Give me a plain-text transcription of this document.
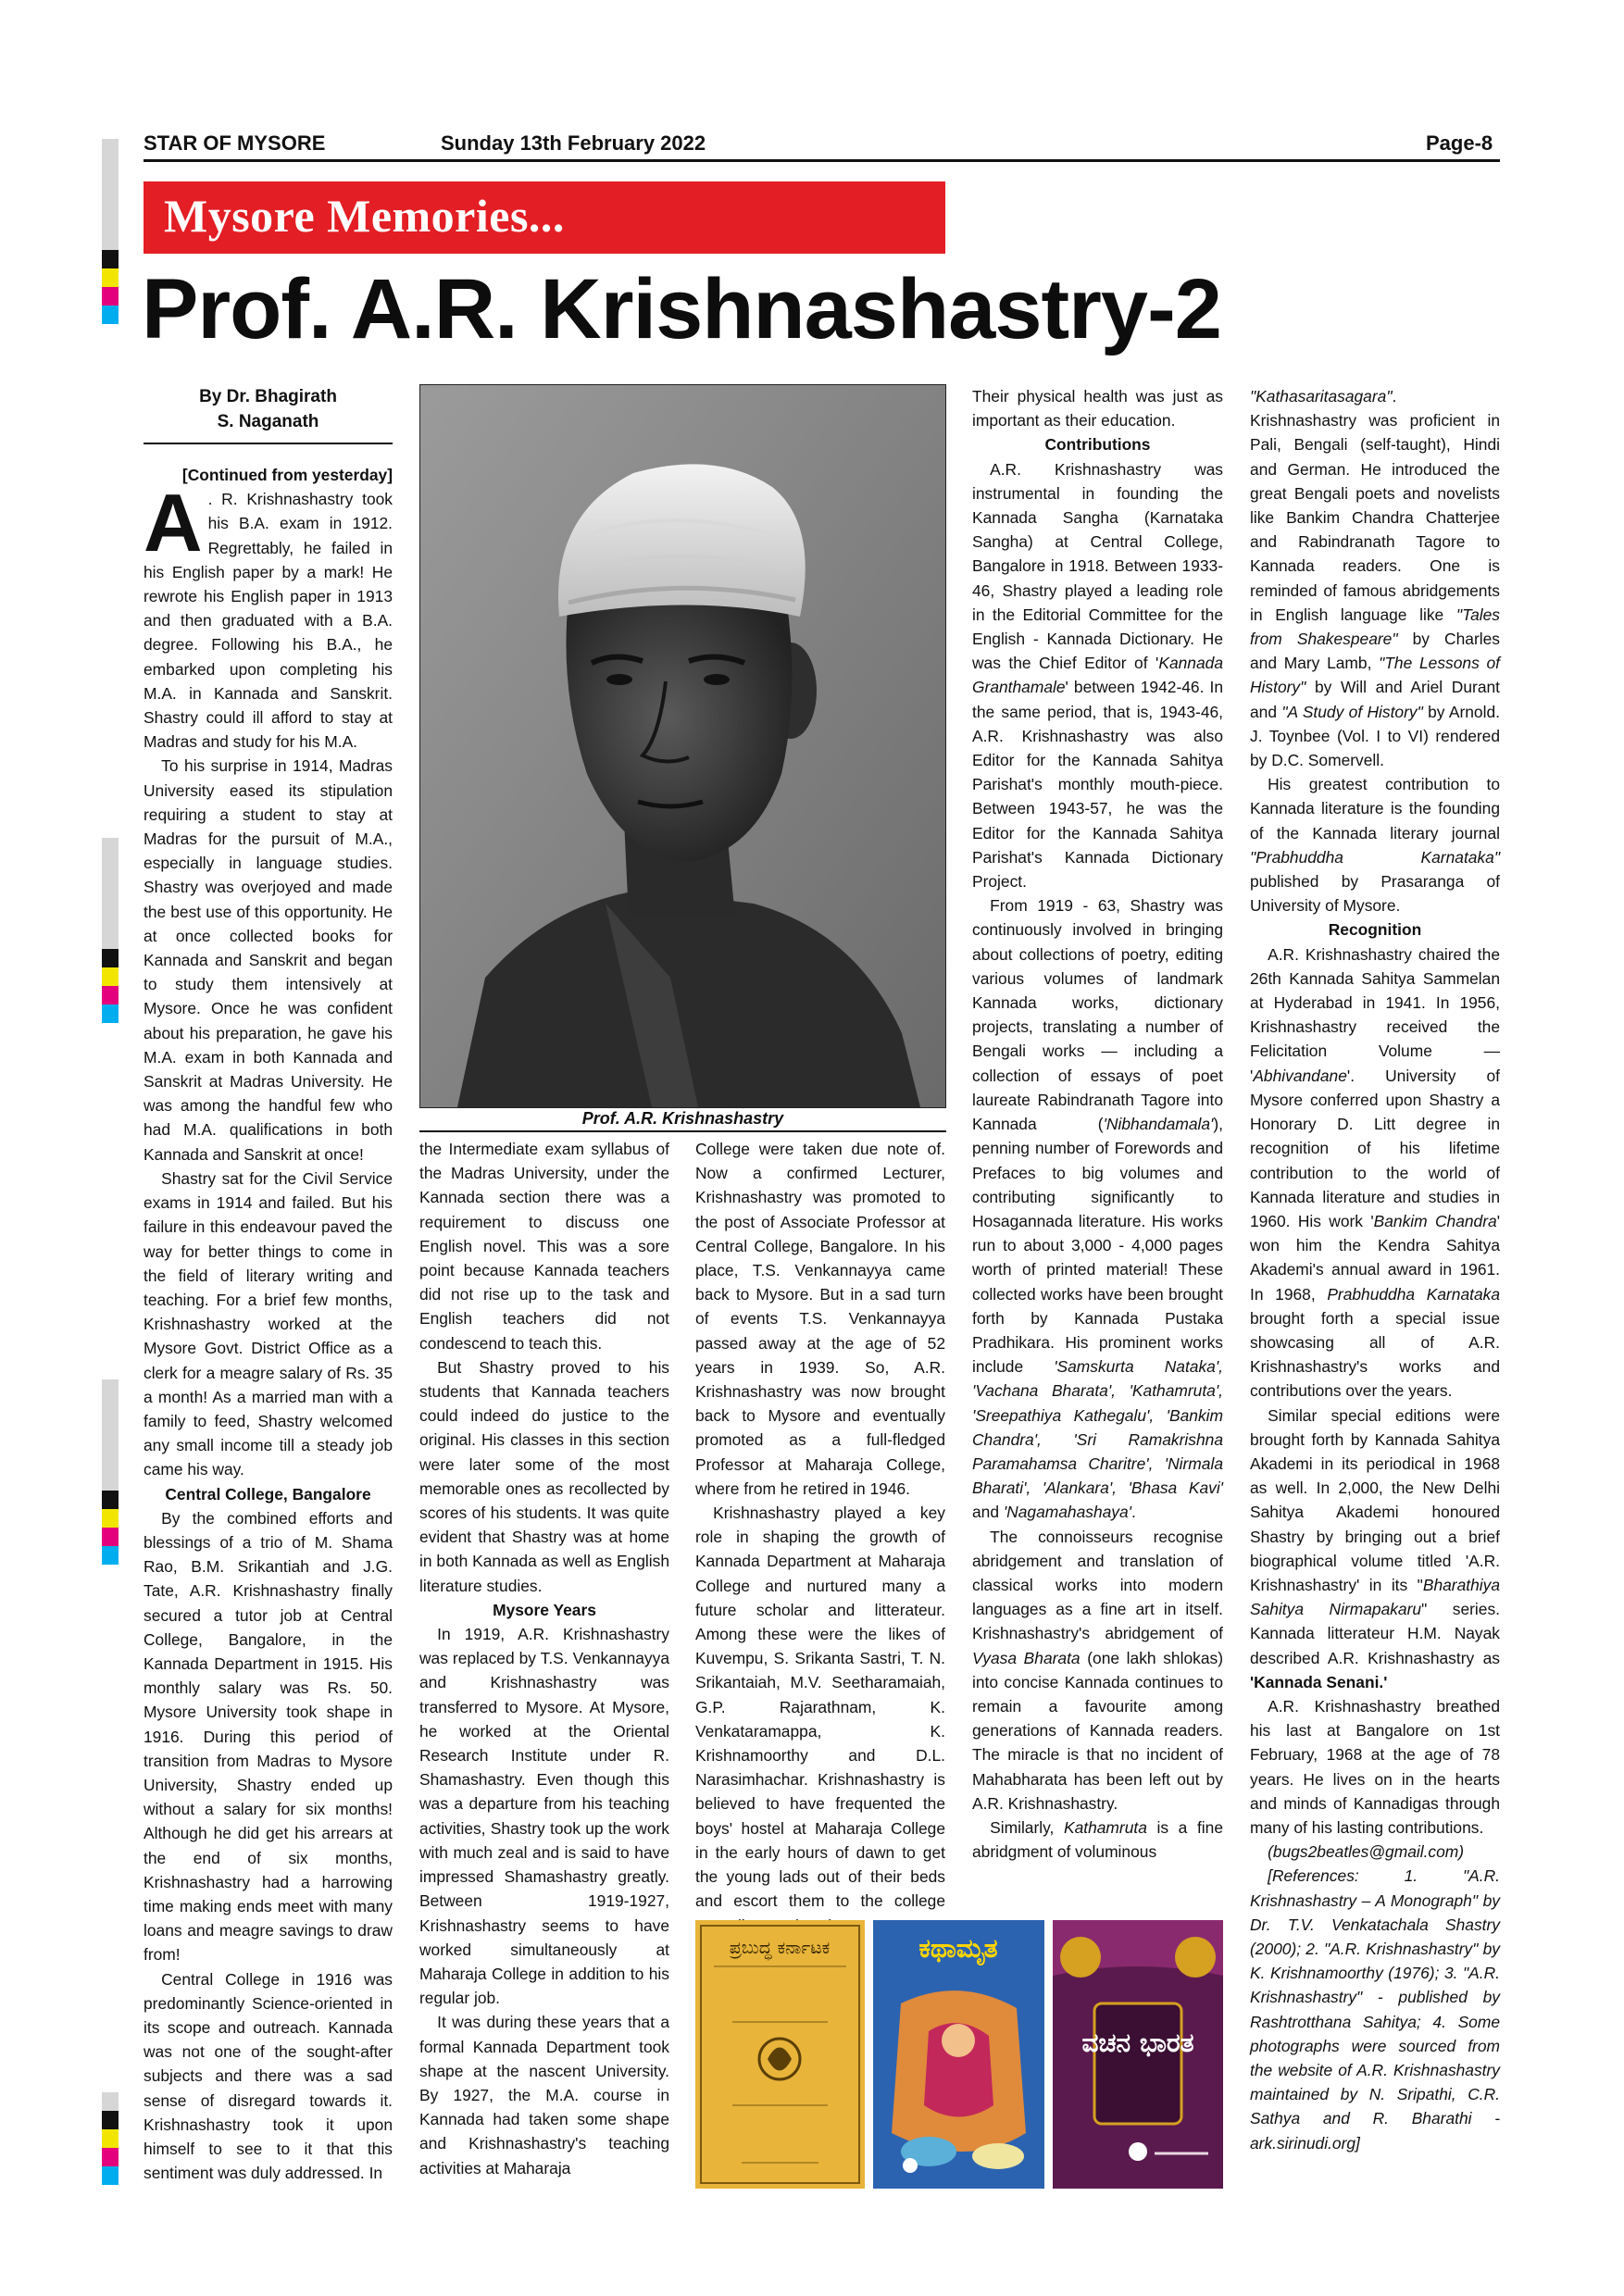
STAR OF MYSORE	Sunday 13th February 2022	Page-8
Mysore Memories...
Prof. A.R. Krishnashastry-2
By Dr. Bhagirath
S. Naganath

[Continued from yesterday]

A . R. Krishnashastry took his B.A. exam in 1912. Regrettably, he failed in his English paper by a mark! He rewrote his English paper in 1913 and then graduated with a B.A. degree. Following his B.A., he embarked upon completing his M.A. in Kannada and Sanskrit. Shastry could ill afford to stay at Madras and study for his M.A.

To his surprise in 1914, Madras University eased its stipulation requiring a student to stay at Madras for the pursuit of M.A., especially in language studies. Shastry was overjoyed and made the best use of this opportunity. He at once collected books for Kannada and Sanskrit and began to study them intensively at Mysore. Once he was confident about his preparation, he gave his M.A. exam in both Kannada and Sanskrit at Madras University. He was among the handful few who had M.A. qualifications in both Kannada and Sanskrit at once!

Shastry sat for the Civil Service exams in 1914 and failed. But his failure in this endeavour paved the way for better things to come in the field of literary writing and teaching. For a brief few months, Krishnashastry worked at the Mysore Govt. District Office as a clerk for a meagre salary of Rs. 35 a month! As a married man with a family to feed, Shastry welcomed any small income till a steady job came his way.

Central College, Bangalore

By the combined efforts and blessings of a trio of M. Shama Rao, B.M. Srikantiah and J.G. Tate, A.R. Krishnashastry finally secured a tutor job at Central College, Bangalore, in the Kannada Department in 1915. His monthly salary was Rs. 50. Mysore University took shape in 1916. During this period of transition from Madras to Mysore University, Shastry ended up without a salary for six months! Although he did get his arrears at the end of six months, Krishnashastry had a harrowing time making ends meet with many loans and meagre savings to draw from!

Central College in 1916 was predominantly Science-oriented in its scope and outreach. Kannada was not one of the sought-after subjects and there was a sad sense of disregard towards it. Krishnashastry took it upon himself to see to it that this sentiment was duly addressed. In

Prof. A.R. Krishnashastry

the Intermediate exam syllabus of the Madras University, under the Kannada section there was a requirement to discuss one English novel. This was a sore point because Kannada teachers did not rise up to the task and English teachers did not condescend to teach this.

But Shastry proved to his students that Kannada teachers could indeed do justice to the original. His classes in this section were later some of the most memorable ones as recollected by scores of his students. It was quite evident that Shastry was at home in both Kannada as well as English literature studies.

Mysore Years

In 1919, A.R. Krishnashastry was replaced by T.S. Venkannayya and Krishnashastry was transferred to Mysore. At Mysore, he worked at the Oriental Research Institute under R. Shamashastry. Even though this was a departure from his teaching activities, Shastry took up the work with much zeal and is said to have impressed Shamashastry greatly. Between 1919-1927, Krishnashastry seems to have worked simultaneously at Maharaja College in addition to his regular job.

It was during these years that a formal Kannada Department took shape at the nascent University. By 1927, the M.A. course in Kannada had taken some shape and Krishnashastry's teaching activities at Maharaja

College were taken due note of. Now a confirmed Lecturer, Krishnashastry was promoted to the post of Associate Professor at Central College, Bangalore. In his place, T.S. Venkannayya came back to Mysore. But in a sad turn of events T.S. Venkannayya passed away at the age of 52 years in 1939. So, A.R. Krishnashastry was now brought back to Mysore and eventually promoted as a full-fledged Professor at Maharaja College, where from he retired in 1946.

Krishnashastry played a key role in shaping the growth of Kannada Department at Maharaja College and nurtured many a future scholar and litterateur. Among these were the likes of Kuvempu, S. Srikanta Sastri, T. N. Srikantaiah, M.V. Seetharamaiah, G.P. Rajarathnam, K. Venkataramappa, K. Krishnamoorthy and D.L. Narasimhachar. Krishnashastry is believed to have frequented the boys' hostel at Maharaja College in the early hours of dawn to get the young lads out of their beds and escort them to the college

ಪ್ರಬುದ್ಧ ಕರ್ನಾಟಕ	ಕಥಾಮೃತ
ವಚನ ಭಾರತ

Their physical health was just as important as their education.

Contributions

A.R. Krishnashastry was instrumental in founding the Kannada Sangha (Karnataka Sangha) at Central College, Bangalore in 1918. Between 1933-46, Shastry played a leading role in the Editorial Committee for the English - Kannada Dictionary. He was the Chief Editor of 'Kannada Granthamale' between 1942-46. In the same period, that is, 1943-46, A.R. Krishnashastry was also Editor for the Kannada Sahitya Parishat's monthly mouth-piece. Between 1943-57, he was the Editor for the Kannada Sahitya Parishat's Kannada Dictionary Project.

From 1919 - 63, Shastry was continuously involved in bringing about collections of poetry, editing various volumes of landmark Kannada works, dictionary projects, translating a number of Bengali works — including a collection of essays of poet laureate Rabindranath Tagore into Kannada ('Nibhandamala'), penning number of Forewords and Prefaces to big volumes and contributing significantly to Hosagannada literature. His works run to about 3,000 - 4,000 pages worth of printed material! These collected works have been brought forth by Kannada Pustaka Pradhikara. His prominent works include 'Samskurta Nataka', 'Vachana Bharata', 'Kathamruta', 'Sreepathiya Kathegalu', 'Bankim Chandra', 'Sri Ramakrishna Paramahamsa Charitre', 'Nirmala Bharati', 'Alankara', 'Bhasa Kavi' and 'Nagamahashaya'.

The connoisseurs recognise abridgement and translation of classical works into modern languages as a fine art in itself. Krishnashastry's abridgement of Vyasa Bharata (one lakh shlokas) into concise Kannada continues to remain a favourite among generations of Kannada readers. The miracle is that no incident of Mahabharata has been left out by A.R. Krishnashastry.

Similarly, Kathamruta is a fine abridgment of voluminous

"Kathasaritasagara". Krishnashastry was proficient in Pali, Bengali (self-taught), Hindi and German. He introduced the great Bengali poets and novelists like Bankim Chandra Chatterjee and Rabindranath Tagore to Kannada readers. One is reminded of famous abridgements in English language like "Tales from Shakespeare" by Charles and Mary Lamb, "The Lessons of History" by Will and Ariel Durant and "A Study of History" by Arnold. J. Toynbee (Vol. I to VI) rendered by D.C. Somervell.

His greatest contribution to Kannada literature is the founding of the Kannada literary journal "Prabhuddha Karnataka" published by Prasaranga of University of Mysore.

Recognition

A.R. Krishnashastry chaired the 26th Kannada Sahitya Sammelan at Hyderabad in 1941. In 1956, Krishnashastry received the Felicitation Volume — 'Abhivandane'. University of Mysore conferred upon Shastry a Honorary D. Litt degree in recognition of his lifetime contribution to the world of Kannada literature and studies in 1960. His work 'Bankim Chandra' won him the Kendra Sahitya Akademi's annual award in 1961. In 1968, Prabhuddha Karnataka brought forth a special issue showcasing all of A.R. Krishnashastry's works and contributions over the years.

Similar special editions were brought forth by Kannada Sahitya Akademi in its periodical in 1968 as well. In 2,000, the New Delhi Sahitya Akademi honoured Shastry by bringing out a brief biographical volume titled 'A.R. Krishnashastry' in its "Bharathiya Sahitya Nirmapakaru" series. Kannada litterateur H.M. Nayak described A.R. Krishnashastry as 'Kannada Senani.'

A.R. Krishnashastry breathed his last at Bangalore on 1st February, 1968 at the age of 78 years. He lives on in the hearts and minds of Kannadigas through many of his lasting contributions.

(bugs2beatles@gmail.com)

[References: 1. "A.R. Krishnashastry – A Monograph" by Dr. T.V. Venkatachala Shastry (2000); 2. "A.R. Krishnashastry" by K. Krishnamoorthy (1976); 3. "A.R. Krishnashastry" - published by Rashtrotthana Sahitya; 4. Some photographs were sourced from the website of A.R. Krishnashastry maintained by N. Sripathi, C.R. Sathya and R. Bharathi - ark.sirinudi.org]
